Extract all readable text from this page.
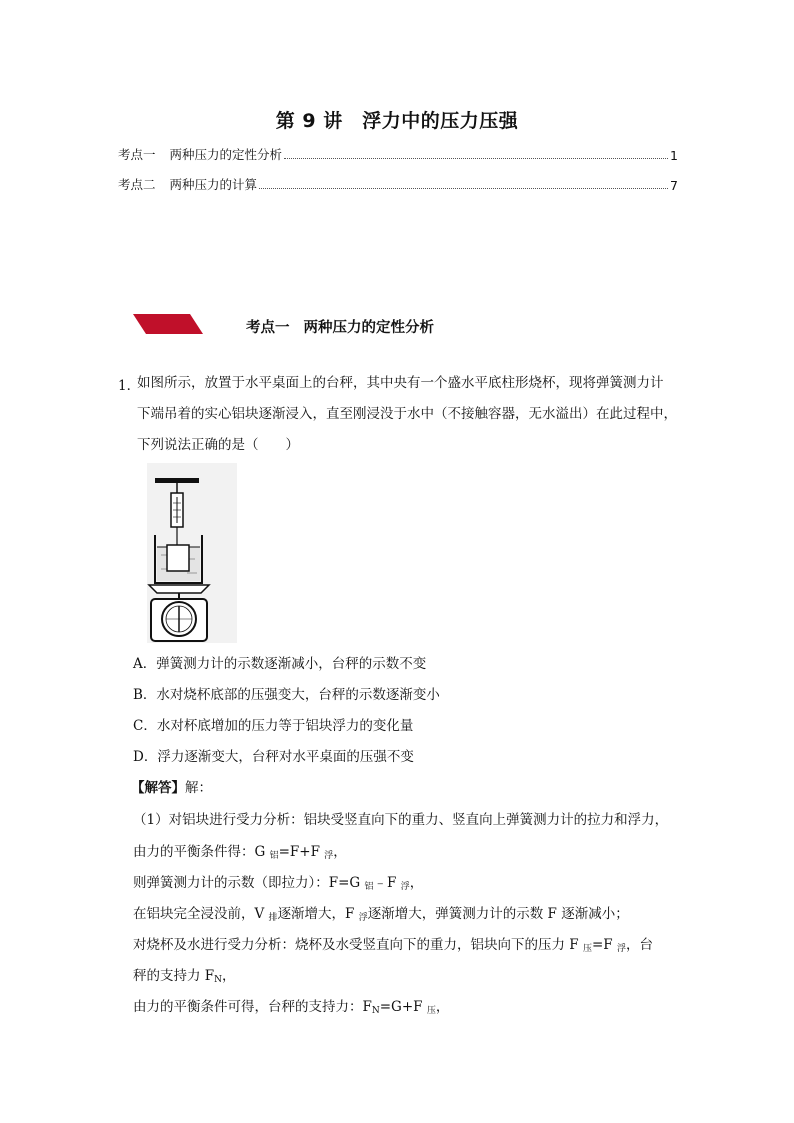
第 9 讲　浮力中的压力压强
考点一 两种压力的定性分析	1
考点二 两种压力的计算	7
考点一 两种压力的定性分析
1．
如图所示，放置于水平桌面上的台秤，其中央有一个盛水平底柱形烧杯，现将弹簧测力计
下端吊着的实心铝块逐渐浸入，直至刚浸没于水中（不接触容器，无水溢出）在此过程中，
下列说法正确的是（　　）
A．弹簧测力计的示数逐渐减小，台秤的示数不变
B．水对烧杯底部的压强变大，台秤的示数逐渐变小
C．水对杯底增加的压力等于铝块浮力的变化量
D．浮力逐渐变大，台秤对水平桌面的压强不变
【解答】解：
（1）对铝块进行受力分析：铝块受竖直向下的重力、竖直向上弹簧测力计的拉力和浮力，
由力的平衡条件得：G $_铝$=F+F $_浮$，
则弹簧测力计的示数（即拉力）：F=G $_铝$﹣F $_浮$，
在铝块完全浸没前，V $_排$逐渐增大，F $_浮$逐渐增大，弹簧测力计的示数 F 逐渐减小；
对烧杯及水进行受力分析：烧杯及水受竖直向下的重力，铝块向下的压力 F $_压$=F $_浮$，台
秤的支持力 $F_N$，
由力的平衡条件可得，台秤的支持力：$F_N=G+F$ $_压$，
